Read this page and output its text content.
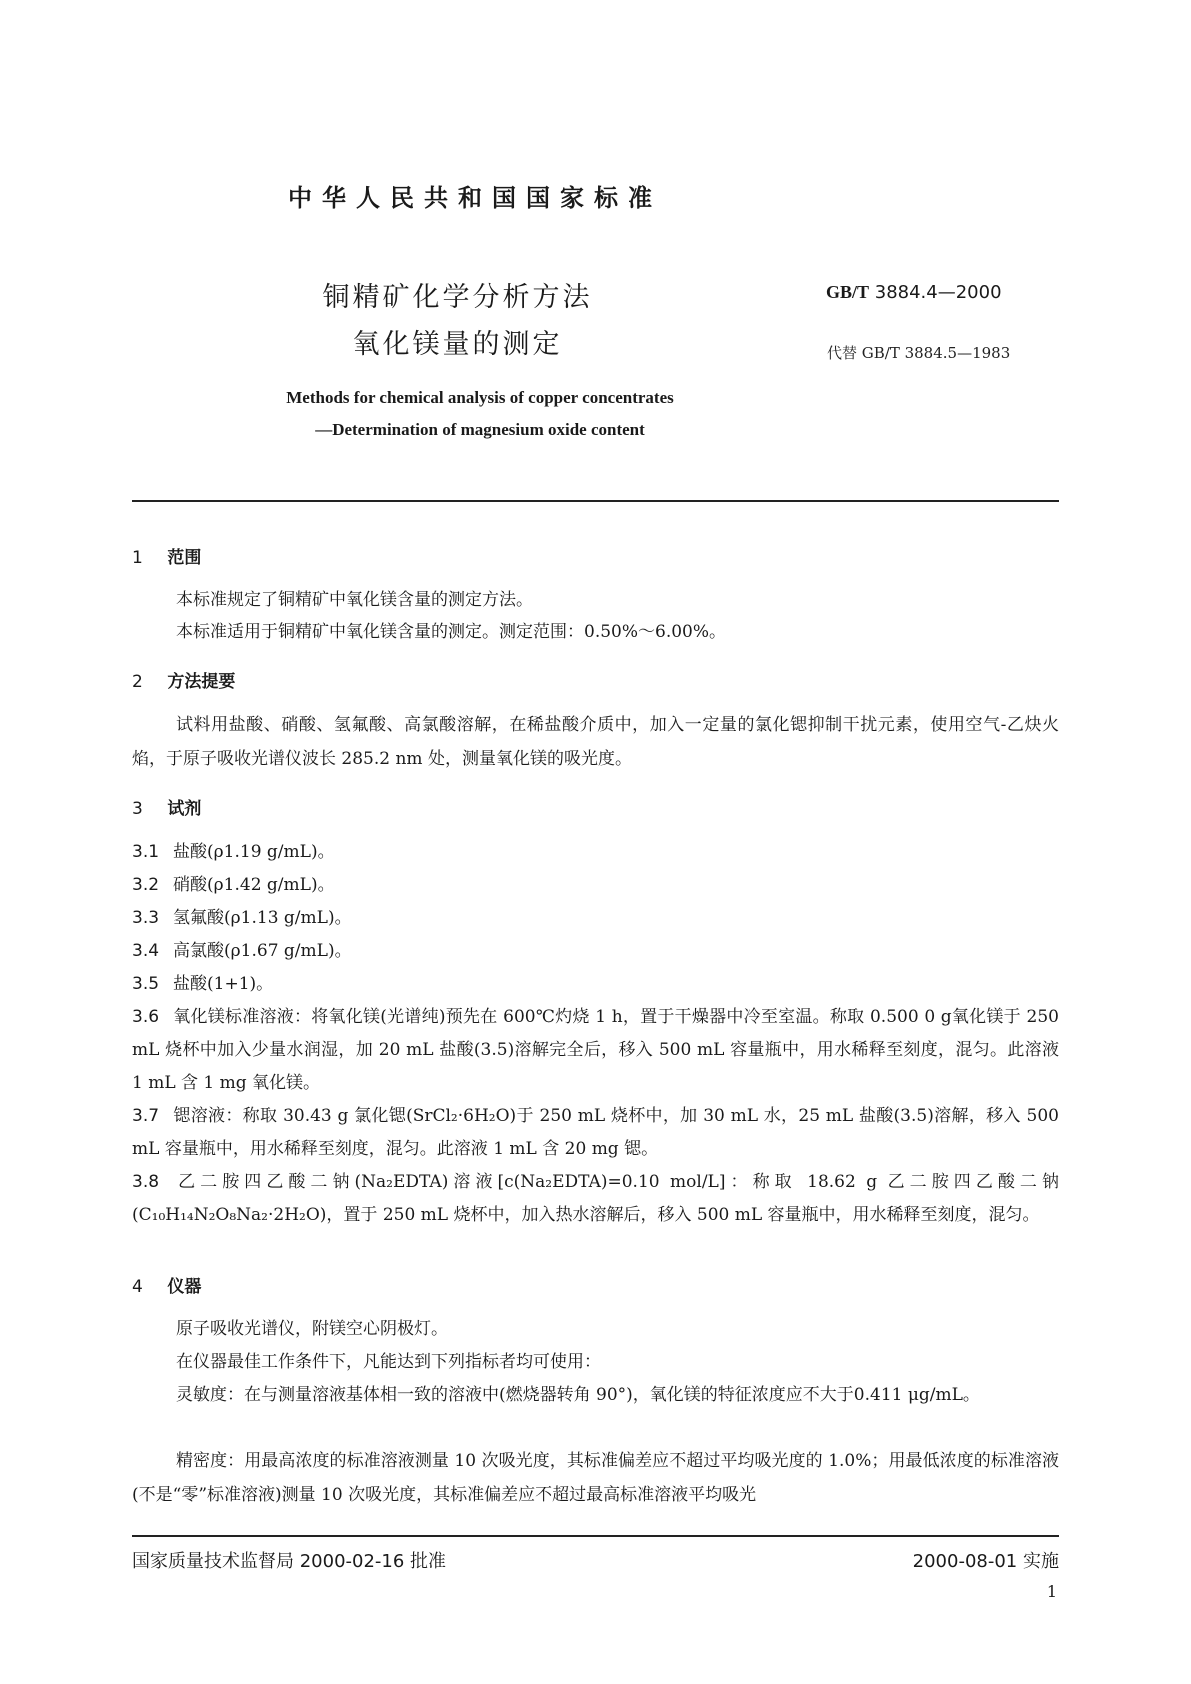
中华人民共和国国家标准
铜精矿化学分析方法
氧化镁量的测定
GB/T 3884.4—2000
代替 GB/T 3884.5—1983
Methods for chemical analysis of copper concentrates
—Determination of magnesium oxide content
1 范围
本标准规定了铜精矿中氧化镁含量的测定方法。
本标准适用于铜精矿中氧化镁含量的测定。测定范围：0.50%～6.00%。
2 方法提要
试料用盐酸、硝酸、氢氟酸、高氯酸溶解，在稀盐酸介质中，加入一定量的氯化锶抑制干扰元素，使用空气-乙炔火焰，于原子吸收光谱仪波长 285.2 nm 处，测量氧化镁的吸光度。
3 试剂
3.1 盐酸(ρ1.19 g/mL)。
3.2 硝酸(ρ1.42 g/mL)。
3.3 氢氟酸(ρ1.13 g/mL)。
3.4 高氯酸(ρ1.67 g/mL)。
3.5 盐酸(1+1)。
3.6 氧化镁标准溶液：将氧化镁(光谱纯)预先在 600℃灼烧 1 h，置于干燥器中冷至室温。称取 0.500 0 g氧化镁于 250 mL 烧杯中加入少量水润湿，加 20 mL 盐酸(3.5)溶解完全后，移入 500 mL 容量瓶中，用水稀释至刻度，混匀。此溶液 1 mL 含 1 mg 氧化镁。
3.7 锶溶液：称取 30.43 g 氯化锶(SrCl₂·6H₂O)于 250 mL 烧杯中，加 30 mL 水，25 mL 盐酸(3.5)溶解，移入 500 mL 容量瓶中，用水稀释至刻度，混匀。此溶液 1 mL 含 20 mg 锶。
3.8 乙二胺四乙酸二钠(Na₂EDTA)溶液[c(Na₂EDTA)=0.10 mol/L]：称取 18.62 g 乙二胺四乙酸二钠(C₁₀H₁₄N₂O₈Na₂·2H₂O)，置于 250 mL 烧杯中，加入热水溶解后，移入 500 mL 容量瓶中，用水稀释至刻度，混匀。
4 仪器
原子吸收光谱仪，附镁空心阴极灯。
在仪器最佳工作条件下，凡能达到下列指标者均可使用：
灵敏度：在与测量溶液基体相一致的溶液中(燃烧器转角 90°)，氧化镁的特征浓度应不大于0.411 μg/mL。
精密度：用最高浓度的标准溶液测量 10 次吸光度，其标准偏差应不超过平均吸光度的 1.0%；用最低浓度的标准溶液(不是“零”标准溶液)测量 10 次吸光度，其标准偏差应不超过最高标准溶液平均吸光
国家质量技术监督局 2000-02-16 批准	2000-08-01 实施
1
